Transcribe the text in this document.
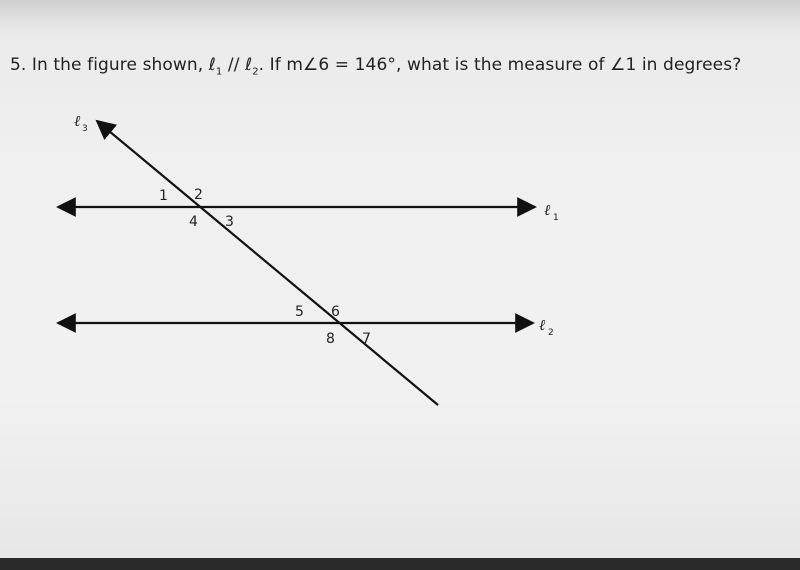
5. In the figure shown, ℓ$_1$ // ℓ$_2$. If m∠6 = 146°, what is the measure of ∠1 in degrees?
ℓ 3
ℓ 1
ℓ 2
1 2
3
4
5 6
7
8
